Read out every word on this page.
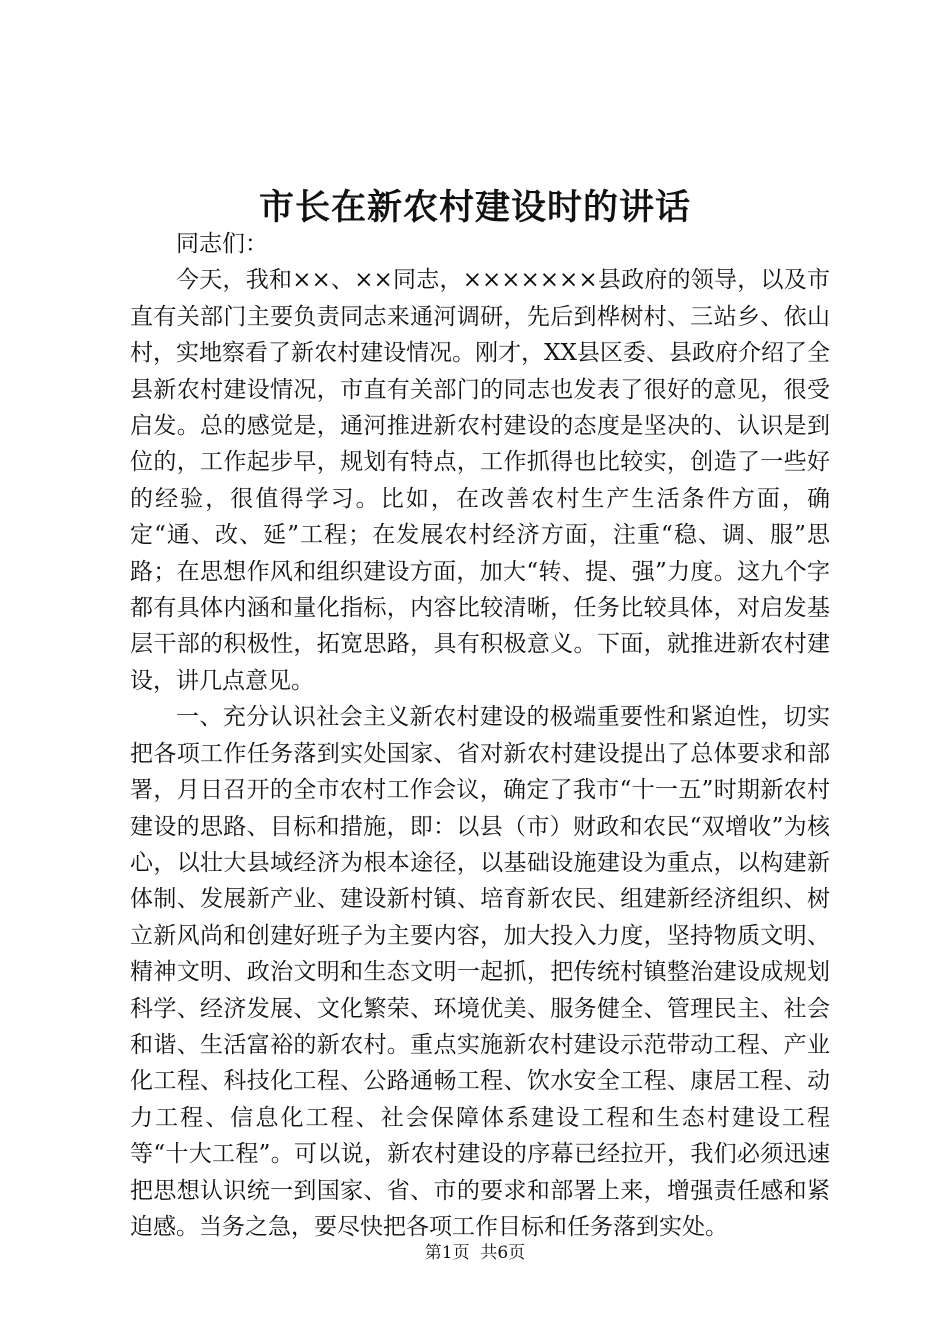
市长在新农村建设时的讲话

同志们：

今天，我和××、××同志，×××××××县政府的领导，以及市直有关部门主要负责同志来通河调研，先后到桦树村、三站乡、依山村，实地察看了新农村建设情况。刚才，XX县区委、县政府介绍了全县新农村建设情况，市直有关部门的同志也发表了很好的意见，很受启发。总的感觉是，通河推进新农村建设的态度是坚决的、认识是到位的，工作起步早，规划有特点，工作抓得也比较实，创造了一些好的经验，很值得学习。比如，在改善农村生产生活条件方面，确定“通、改、延”工程；在发展农村经济方面，注重“稳、调、服”思路；在思想作风和组织建设方面，加大“转、提、强”力度。这九个字都有具体内涵和量化指标，内容比较清晰，任务比较具体，对启发基层干部的积极性，拓宽思路，具有积极意义。下面，就推进新农村建设，讲几点意见。

一、充分认识社会主义新农村建设的极端重要性和紧迫性，切实把各项工作任务落到实处国家、省对新农村建设提出了总体要求和部署，月日召开的全市农村工作会议，确定了我市“十一五”时期新农村建设的思路、目标和措施，即：以县（市）财政和农民“双增收”为核心，以壮大县域经济为根本途径，以基础设施建设为重点，以构建新体制、发展新产业、建设新村镇、培育新农民、组建新经济组织、树立新风尚和创建好班子为主要内容，加大投入力度，坚持物质文明、精神文明、政治文明和生态文明一起抓，把传统村镇整治建设成规划科学、经济发展、文化繁荣、环境优美、服务健全、管理民主、社会和谐、生活富裕的新农村。重点实施新农村建设示范带动工程、产业化工程、科技化工程、公路通畅工程、饮水安全工程、康居工程、动力工程、信息化工程、社会保障体系建设工程和生态村建设工程等“十大工程”。可以说，新农村建设的序幕已经拉开，我们必须迅速把思想认识统一到国家、省、市的要求和部署上来，增强责任感和紧迫感。当务之急，要尽快把各项工作目标和任务落到实处。

第1页 共6页
